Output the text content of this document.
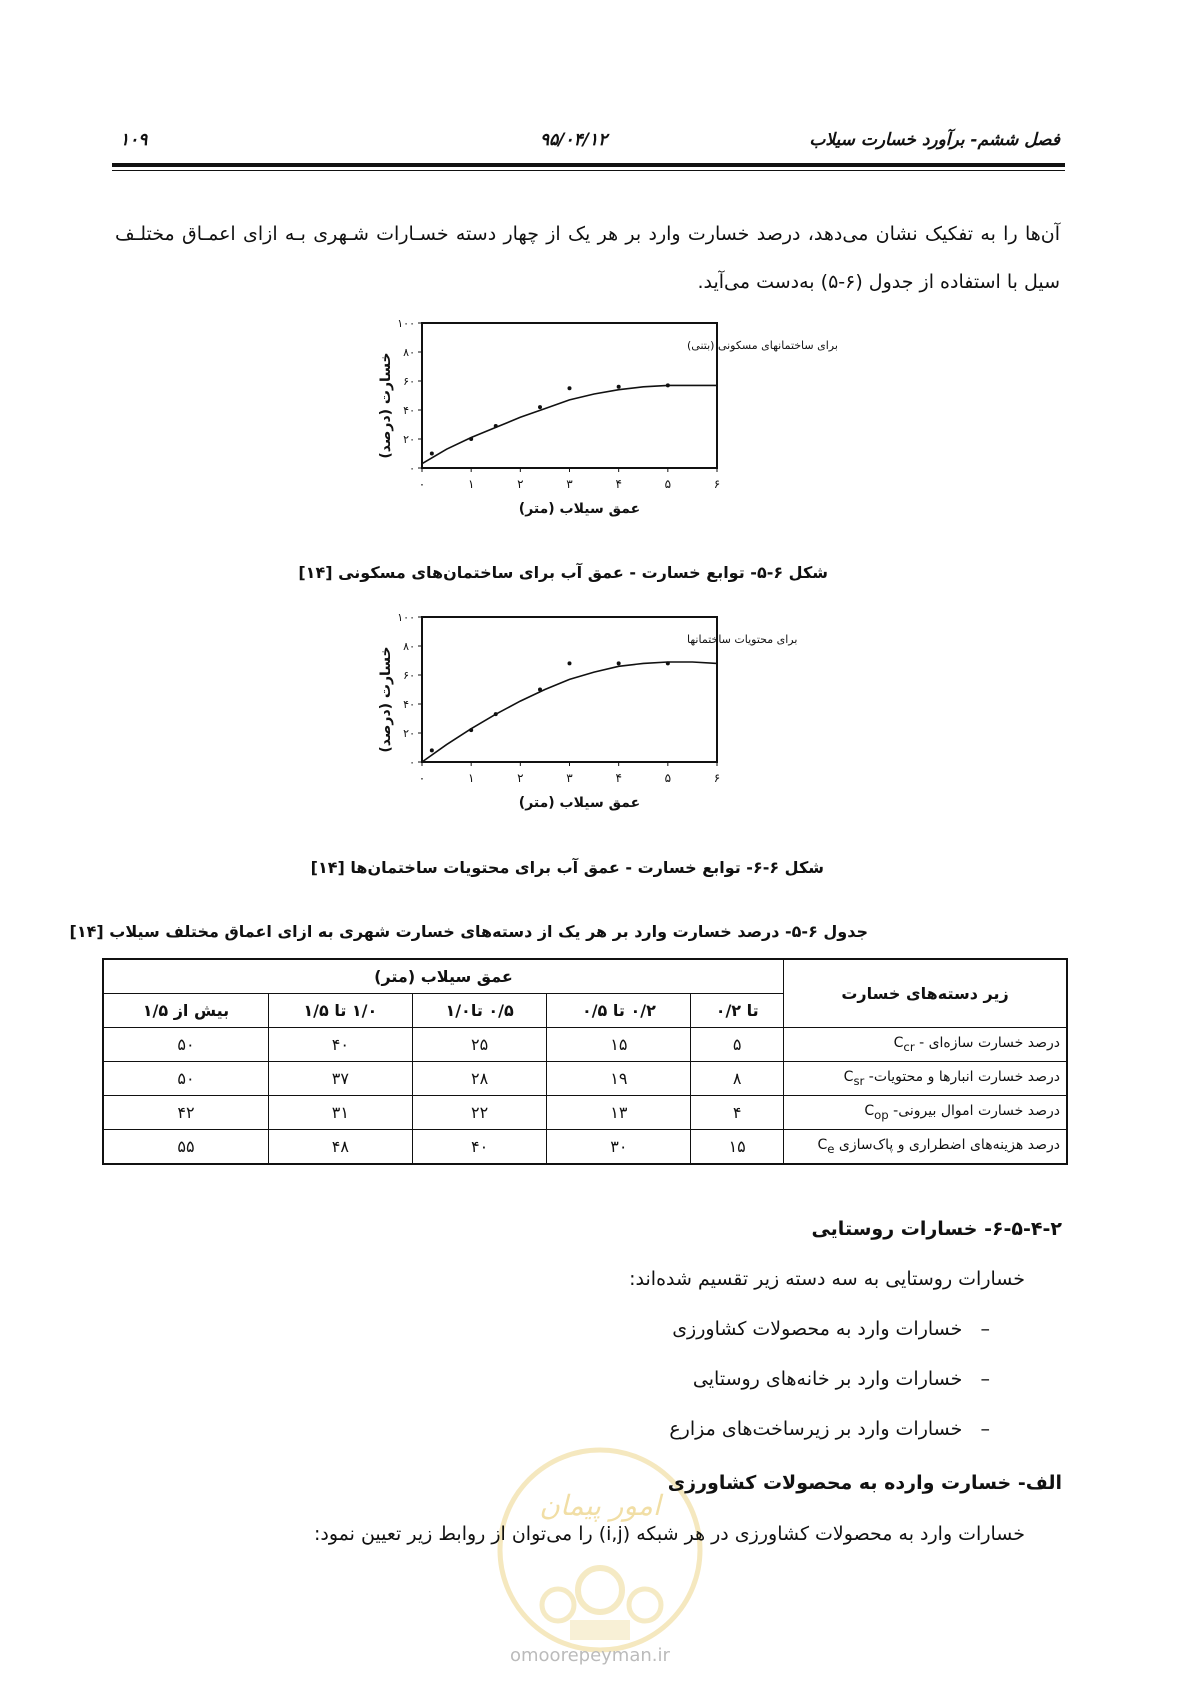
۱۰۹	۹۵/۰۴/۱۲	فصل ششم- برآورد خسارت سیلاب
آن‌ها را به تفکیک نشان می‌دهد، درصد خسارت وارد بر هر یک از چهار دسته خسـارات شـهری بـه ازای اعمـاق مختلـف سیل با استفاده از جدول (۶-۵) به‌دست می‌آید.
۰
۲۰
۴۰
۶۰
۸۰
۱۰۰
۰	۱	۲	۳	۴	۵	۶
برای ساختمانهای مسکونی (بتنی)
عمق سیلاب (متر)
خسارت (درصد)
شکل ۶-۵- توابع خسارت - عمق آب برای ساختمان‌های مسکونی [۱۴]
۰
۲۰
۴۰
۶۰
۸۰
۱۰۰
۰	۱	۲	۳	۴	۵	۶
برای محتویات ساختمانها
عمق سیلاب (متر)
خسارت (درصد)
شکل ۶-۶- توابع خسارت - عمق آب برای محتویات ساختمان‌ها [۱۴]
جدول ۶-۵- درصد خسارت وارد بر هر یک از دسته‌های خسارت شهری به ازای اعماق مختلف سیلاب [۱۴]
زیر دسته‌های خسارت	عمق سیلاب (متر)				
	تا ۰/۲	۰/۲ تا ۰/۵	۰/۵ تا۱/۰	۱/۰ تا ۱/۵	بیش از ۱/۵
درصد خسارت سازه‌ای - $C_{cr}$	۵	۱۵	۲۵	۴۰	۵۰
درصد خسارت انبارها و محتویات- $C_{sr}$	۸	۱۹	۲۸	۳۷	۵۰
درصد خسارت اموال بیرونی- $C_{op}$	۴	۱۳	۲۲	۳۱	۴۲
درصد هزینه‌های اضطراری و پاک‌سازی $C_e$	۱۵	۳۰	۴۰	۴۸	۵۵
امور پیمان
omoorepeyman.ir
۶-۵-۴-۲- خسارات روستایی
خسارات روستایی به سه دسته زیر تقسیم شده‌اند:
–   خسارات وارد به محصولات کشاورزی
–   خسارات وارد بر خانه‌های روستایی
–   خسارات وارد بر زیرساخت‌های مزارع
الف- خسارت وارده به محصولات کشاورزی
خسارات وارد به محصولات کشاورزی در هر شبکه (i,j) را می‌توان از روابط زیر تعیین نمود:
